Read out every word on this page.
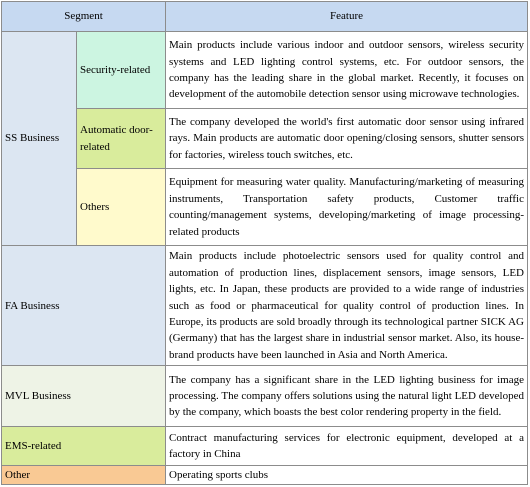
Segment		Feature
SS Business	Security-related	Main products include various indoor and outdoor sensors, wireless security systems and LED lighting control systems, etc. For outdoor sensors, the company has the leading share in the global market. Recently, it focuses on development of the automobile detection sensor using microwave technologies.
	Automatic door-related	The company developed the world's first automatic door sensor using infrared rays. Main products are automatic door opening/closing sensors, shutter sensors for factories, wireless touch switches, etc.
	Others	Equipment for measuring water quality. Manufacturing/marketing of measuring instruments, Transportation safety products, Customer traffic counting/management systems, developing/marketing of image processing-related products
FA Business		Main products include photoelectric sensors used for quality control and automation of production lines, displacement sensors, image sensors, LED lights, etc. In Japan, these products are provided to a wide range of industries such as food or pharmaceutical for quality control of production lines. In Europe, its products are sold broadly through its technological partner SICK AG (Germany) that has the largest share in industrial sensor market. Also, its house-brand products have been launched in Asia and North America.
MVL Business		The company has a significant share in the LED lighting business for image processing. The company offers solutions using the natural light LED developed by the company, which boasts the best color rendering property in the field.
EMS-related		Contract manufacturing services for electronic equipment, developed at a factory in China
Other		Operating sports clubs
